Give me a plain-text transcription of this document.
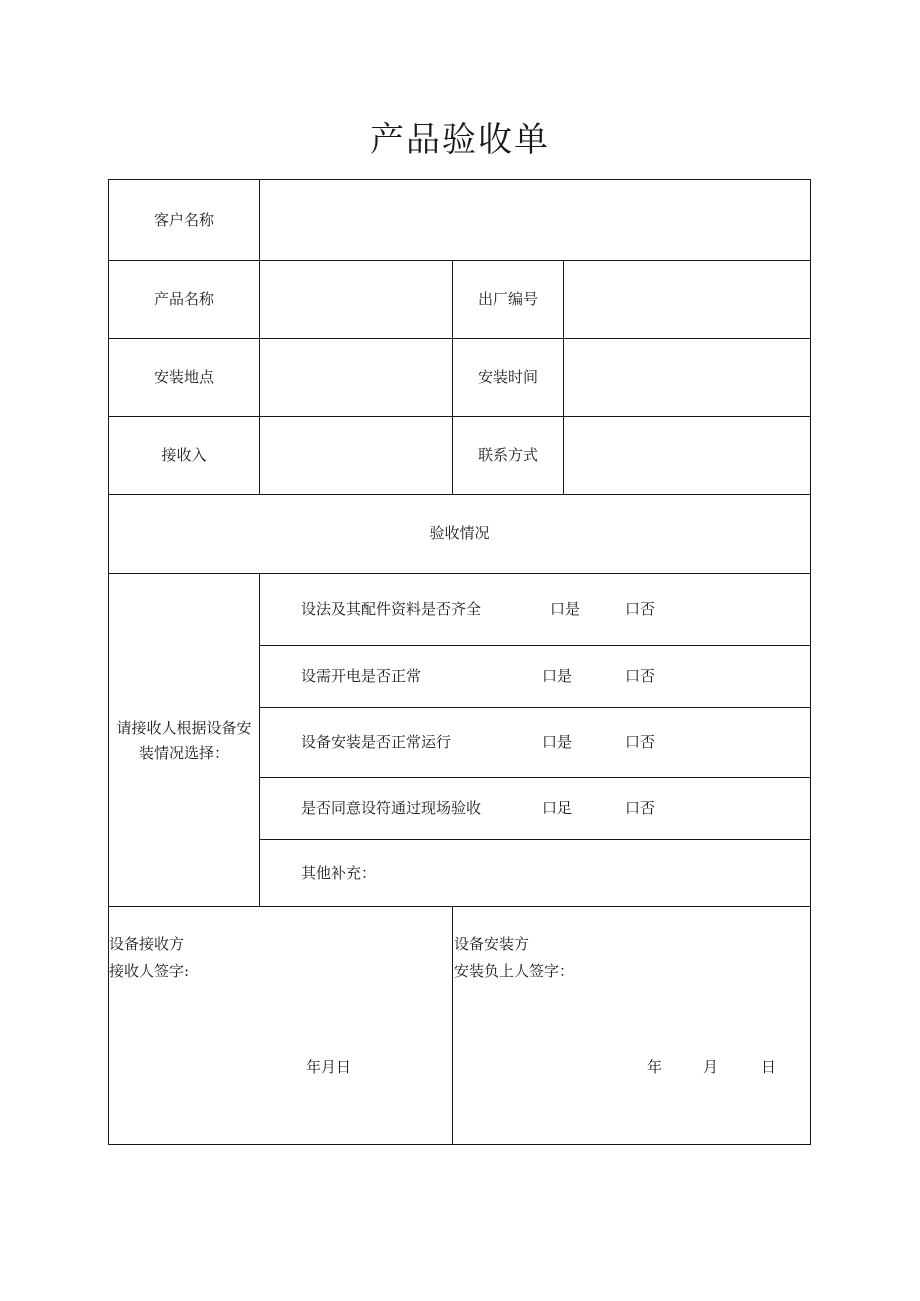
产品验收单
客户名称
产品名称	出厂编号
安装地点	安装时间
接收入	联系方式
验收情况
请接收人根据设备安
装情况选择：
设法及其配件资料是否齐全	口是	口否
设需开电是否正常	口是	口否
设备安装是否正常运行	口是	口否
是否同意设符通过现场验收	口足	口否
其他补充：
设备接收方
接收人签字:
年月日
设备安装方
安装负上人签字：
年	月	日
